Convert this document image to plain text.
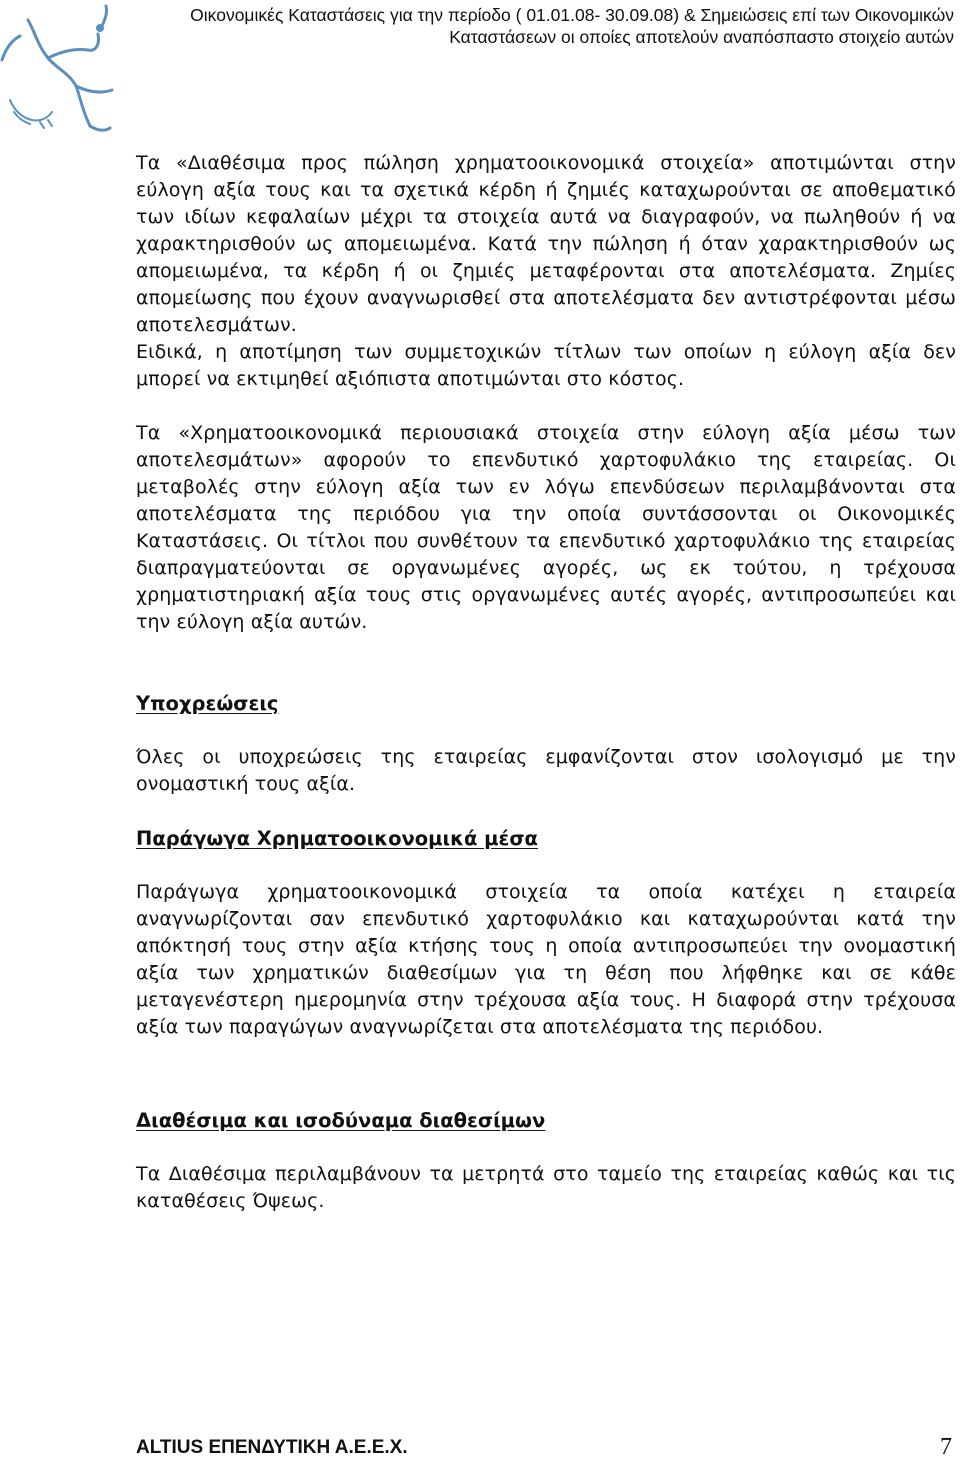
Οικονομικές Καταστάσεις για την περίοδο ( 01.01.08- 30.09.08) & Σημειώσεις επί των Οικονομικών
Καταστάσεων οι οποίες αποτελούν αναπόσπαστο στοιχείο αυτών

Τα «Διαθέσιμα προς πώληση χρηματοοικονομικά στοιχεία» αποτιμώνται στην εύλογη αξία τους και τα σχετικά κέρδη ή ζημιές καταχωρούνται σε αποθεματικό των ιδίων κεφαλαίων μέχρι τα στοιχεία αυτά να διαγραφούν, να πωληθούν ή να χαρακτηρισθούν ως απομειωμένα. Κατά την πώληση ή όταν χαρακτηρισθούν ως απομειωμένα, τα κέρδη ή οι ζημιές μεταφέρονται στα αποτελέσματα. Ζημίες απομείωσης που έχουν αναγνωρισθεί στα αποτελέσματα δεν αντιστρέφονται μέσω αποτελεσμάτων.

Ειδικά, η αποτίμηση των συμμετοχικών τίτλων των οποίων η εύλογη αξία δεν μπορεί να εκτιμηθεί αξιόπιστα αποτιμώνται στο κόστος.

Τα «Χρηματοοικονομικά περιουσιακά στοιχεία στην εύλογη αξία μέσω των αποτελεσμάτων» αφορούν το επενδυτικό χαρτοφυλάκιο της εταιρείας. Οι μεταβολές στην εύλογη αξία των εν λόγω επενδύσεων περιλαμβάνονται στα αποτελέσματα της περιόδου για την οποία συντάσσονται οι Οικονομικές Καταστάσεις. Οι τίτλοι που συνθέτουν τα επενδυτικό χαρτοφυλάκιο της εταιρείας διαπραγματεύονται σε οργανωμένες αγορές, ως εκ τούτου, η τρέχουσα χρηματιστηριακή αξία τους στις οργανωμένες αυτές αγορές, αντιπροσωπεύει και την εύλογη αξία αυτών.

Υποχρεώσεις

Όλες οι υποχρεώσεις της εταιρείας εμφανίζονται στον ισολογισμό με την ονομαστική τους αξία.

Παράγωγα Χρηματοοικονομικά μέσα

Παράγωγα χρηματοοικονομικά στοιχεία τα οποία κατέχει η εταιρεία αναγνωρίζονται σαν επενδυτικό χαρτοφυλάκιο και καταχωρούνται κατά την απόκτησή τους στην αξία κτήσης τους η οποία αντιπροσωπεύει την ονομαστική αξία των χρηματικών διαθεσίμων για τη θέση που λήφθηκε και σε κάθε μεταγενέστερη ημερομηνία στην τρέχουσα αξία τους. Η διαφορά στην τρέχουσα αξία των παραγώγων αναγνωρίζεται στα αποτελέσματα της περιόδου.

Διαθέσιμα και ισοδύναμα διαθεσίμων

Τα Διαθέσιμα περιλαμβάνουν τα μετρητά στο ταμείο της εταιρείας καθώς και τις καταθέσεις Όψεως.

ALTIUS ΕΠΕΝΔΥΤΙΚΗ Α.Ε.Ε.Χ.	7
